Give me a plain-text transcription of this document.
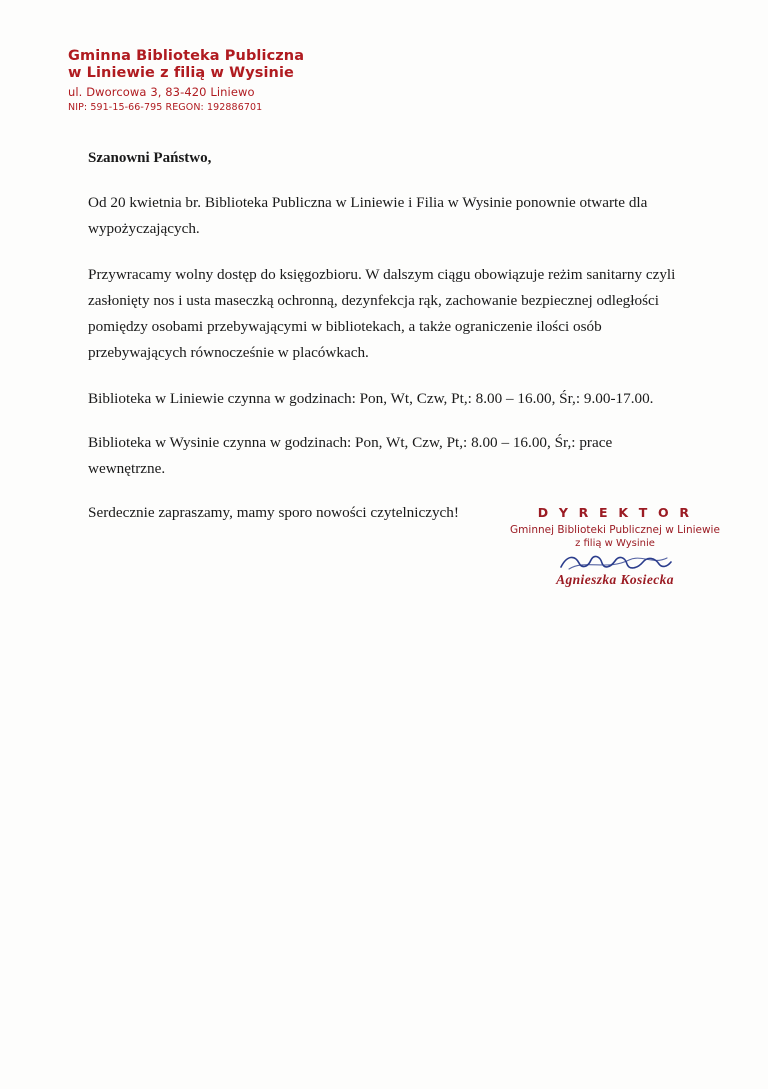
Gminna Biblioteka Publiczna
w Liniewie z filią w Wysinie
ul. Dworcowa 3, 83-420 Liniewo
NIP: 591-15-66-795 REGON: 192886701
Szanowni Państwo,

Od 20 kwietnia br. Biblioteka Publiczna w Liniewie i Filia w Wysinie ponownie otwarte dla wypożyczających.

Przywracamy wolny dostęp do księgozbioru. W dalszym ciągu obowiązuje reżim sanitarny czyli zasłonięty nos i usta maseczką ochronną, dezynfekcja rąk, zachowanie bezpiecznej odległości pomiędzy osobami przebywającymi w bibliotekach, a także ograniczenie ilości osób przebywających równocześnie w placówkach.

Biblioteka w Liniewie czynna w godzinach: Pon, Wt, Czw, Pt,: 8.00 – 16.00, Śr,: 9.00-17.00.

Biblioteka w Wysinie czynna w godzinach: Pon, Wt, Czw, Pt,: 8.00 – 16.00, Śr,: prace wewnętrzne.

Serdecznie zapraszamy, mamy sporo nowości czytelniczych!	D Y R E K T O R
Gminnej Biblioteki Publicznej w Liniewie
z filią w Wysinie
Agnieszka Kosiecka
